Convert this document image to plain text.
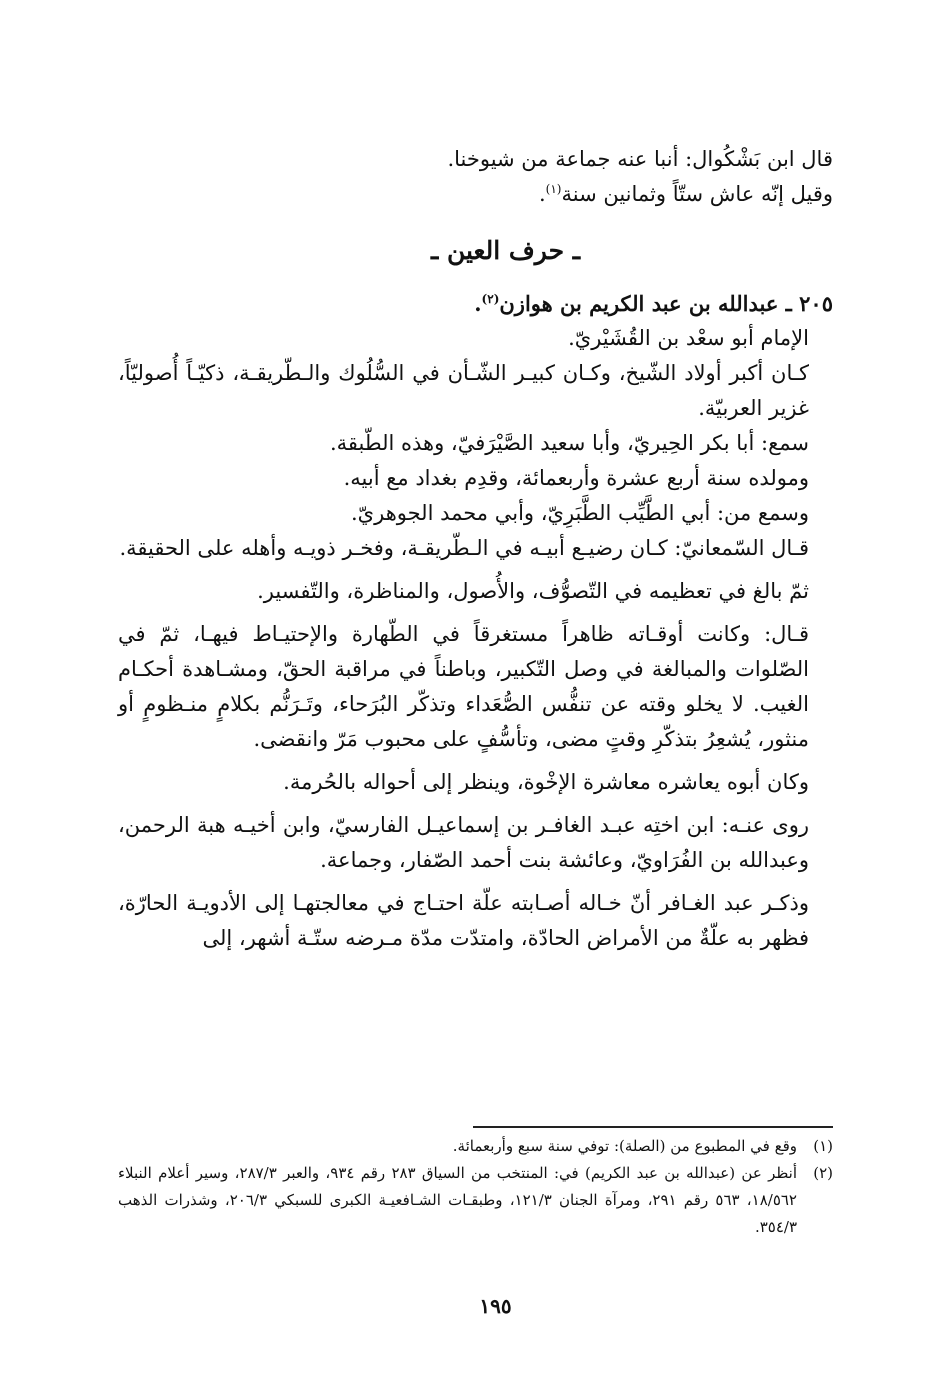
قال ابن بَشْكُوال: أنبا عنه جماعة من شيوخنا.

وقيل إنّه عاش ستّاً وثمانين سنة$^{(١)}$.

ـ حرف العين ـ

٢٠٥ ـ عبدالله بن عبد الكريم بن هوازن$^{(٢)}$.

الإمام أبو سعْد بن القُشَيْريّ.

كـان أكبر أولاد الشّيخ، وكـان كبيـر الشّـأن في السُّلُوك والـطّريقـة، ذكيّـاً أُصوليّاً، غزير العربيّة.

سمع: أبا بكر الحِيريّ، وأبا سعيد الصَّيْرَفيّ، وهذه الطّبقة.

ومولده سنة أربع عشرة وأربعمائة، وقدِم بغداد مع أبيه.

وسمع من: أبي الطَّيِّب الطَّبَرِيّ، وأبي محمد الجوهريّ.

قـال السّمعانيّ: كـان رضيـع أبيـه في الـطّريقـة، وفخـر ذويـه وأهله على الحقيقة.

ثمّ بالغ في تعظيمه في التّصوُّف، والأُصول، والمناظرة، والتّفسير.

قـال: وكانت أوقـاته ظاهراً مستغرقاً في الطّهارة والإحتيـاط فيهـا، ثمّ في الصّلوات والمبالغة في وصل التّكبير، وباطناً في مراقبة الحقّ، ومشـاهدة أحكـام الغيب. لا يخلو وقته عن تنفُّس الصُّعَداء وتذكّر البُرَحاء، وتَـرَنُّم بكلامٍ منـظومٍ أو منثور، يُشعِرُ بتذكّرِ وقتٍ مضى، وتأسُّفٍ على محبوب مَرّ وانقضى.

وكان أبوه يعاشره معاشرة الإخْوة، وينظر إلى أحواله بالحُرمة.

روى عنـه: ابن اختِه عبـد الغافـر بن إسماعيـل الفارسيّ، وابن أخيـه هبة الرحمن، وعبدالله بن الفُرَاويّ، وعائشة بنت أحمد الصّفار، وجماعة.

وذكـر عبد الغـافر أنّ خـاله أصـابته علّة احتـاج في معالجتهـا إلى الأدويـة الحارّة، فظهر به علّةٌ من الأمراض الحادّة، وامتدّت مدّة مـرضه ستّـة أشهر، إلى

(١)
وقع في المطبوع من (الصلة): توفي سنة سبع وأربعمائة.
(٢)
أنظر عن (عبدالله بن عبد الكريم) في: المنتخب من السياق ٢٨٣ رقم ٩٣٤، والعبر ٢٨٧/٣، وسير أعلام النبلاء ١٨/٥٦٢، ٥٦٣ رقم ٢٩١، ومرآة الجنان ١٢١/٣، وطبقـات الشـافعيـة الكبرى للسبكي ٢٠٦/٣، وشذرات الذهب ٣٥٤/٣.
١٩٥
